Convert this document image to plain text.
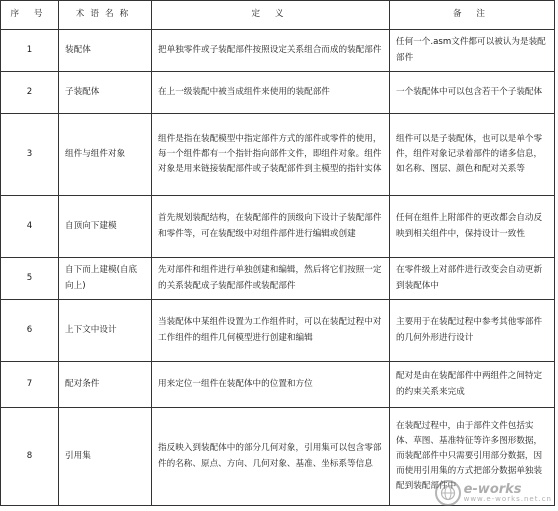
序 号	术语名称	定 义	备 注
1	装配体	把单独零件或子装配部件按照设定关系组合而成的装配部件	任何一个.asm文件都可以被认为是装配部件
2	子装配体	在上一级装配中被当成组件来使用的装配部件	一个装配体中可以包含若干个子装配体
3	组件与组件对象	组件是指在装配模型中指定部件方式的部件或零件的使用，每一个组件都有一个指针指向部件文件，即组件对象。组件对象是用来链接装配部件或子装配部件到主模型的指针实体	组件可以是子装配体，也可以是单个零件，组件对象记录着部件的诸多信息，如名称、图层、颜色和配对关系等
4	自顶向下建模	首先规划装配结构，在装配部件的顶级向下设计子装配部件和零件等，可在装配级中对组件部件进行编辑或创建	任何在组件上附部件的更改都会自动反映到相关组件中，保持设计一致性
5	自下而上建模(自底向上)	先对部件和组件进行单独创建和编辑，然后将它们按照一定的关系装配成子装配部件或装配部件	在零件级上对部件进行改变会自动更新到装配体中
6	上下文中设计	当装配体中某组件设置为工作组件时，可以在装配过程中对工作组件的组件几何模型进行创建和编辑	主要用于在装配过程中参考其他零部件的几何外形进行设计
7	配对条件	用来定位一组件在装配体中的位置和方位	配对是由在装配部件中两组件之间特定的约束关系来完成
8	引用集	指反映入到装配体中的部分几何对象，引用集可以包含零部件的名称、原点、方向、几何对象、基准、坐标系等信息	在装配过程中，由于部件文件包括实体、草图、基准特征等许多图形数据，而装配部件中只需要引用部分数据，因而使用引用集的方式把部分数据单独装配到装配部件中 e-works
www.e-works.net.cn
